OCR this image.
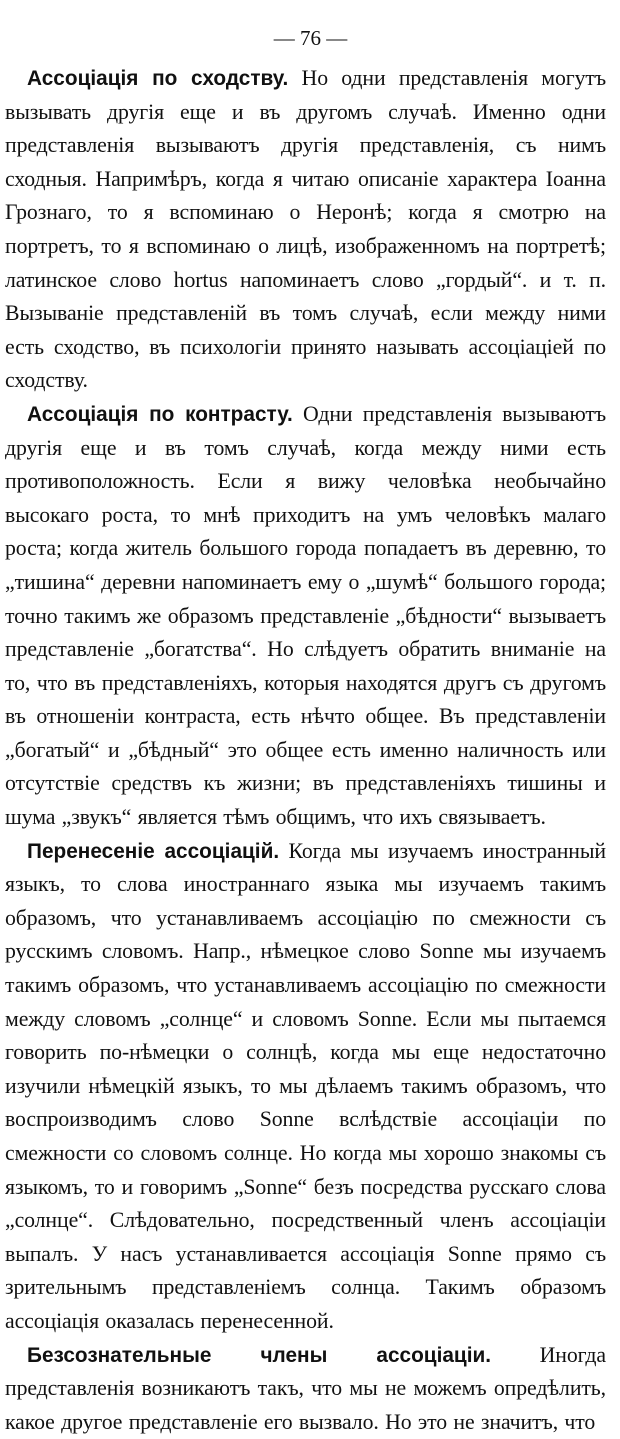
— 76 —

Ассоціація по сходству. Но одни представленія могутъ вызывать другія еще и въ другомъ случаѣ. Именно одни представленія вызываютъ другія представленія, съ нимъ сходныя. Напримѣръ, когда я читаю описаніе характера Іоанна Грознаго, то я вспоминаю о Неронѣ; когда я смотрю на портретъ, то я вспоминаю о лицѣ, изображенномъ на портретѣ; латинское слово hortus напоминаетъ слово „гордый“. и т. п. Вызываніе представленій въ томъ случаѣ, если между ними есть сходство, въ психологіи принято называть ассоціаціей по сходству.

Ассоціація по контрасту. Одни представленія вызываютъ другія еще и въ томъ случаѣ, когда между ними есть противоположность. Если я вижу человѣка необычайно высокаго роста, то мнѣ приходитъ на умъ человѣкъ малаго роста; когда житель большого города попадаетъ въ деревню, то „тишина“ деревни напоминаетъ ему о „шумѣ“ большого города; точно такимъ же образомъ представленіе „бѣдности“ вызываетъ представленіе „богатства“. Но слѣдуетъ обратить вниманіе на то, что въ представленіяхъ, которыя находятся другъ съ другомъ въ отношеніи контраста, есть нѣчто общее. Въ представленіи „богатый“ и „бѣдный“ это общее есть именно наличность или отсутствіе средствъ къ жизни; въ представленіяхъ тишины и шума „звукъ“ является тѣмъ общимъ, что ихъ связываетъ.

Перенесеніе ассоціацій. Когда мы изучаемъ иностранный языкъ, то слова иностраннаго языка мы изучаемъ такимъ образомъ, что устанавливаемъ ассоціацію по смежности съ русскимъ словомъ. Напр., нѣмецкое слово Sonne мы изучаемъ такимъ образомъ, что устанавливаемъ ассоціацію по смежности между словомъ „солнце“ и словомъ Sonne. Если мы пытаемся говорить по-нѣмецки о солнцѣ, когда мы еще недостаточно изучили нѣмецкій языкъ, то мы дѣлаемъ такимъ образомъ, что воспроизводимъ слово Sonne вслѣдствіе ассоціаціи по смежности со словомъ солнце. Но когда мы хорошо знакомы съ языкомъ, то и говоримъ „Sonne“ безъ посредства русскаго слова „солнце“. Слѣдовательно, посредственный членъ ассоціаціи выпалъ. У насъ устанавливается ассоціація Sonne прямо съ зрительнымъ представленіемъ солнца. Такимъ образомъ ассоціація оказалась перенесенной.

Безсознательные члены ассоціаціи. Иногда представленія возникаютъ такъ, что мы не можемъ опредѣлить, какое другое представленіе его вызвало. Но это не значитъ, что
